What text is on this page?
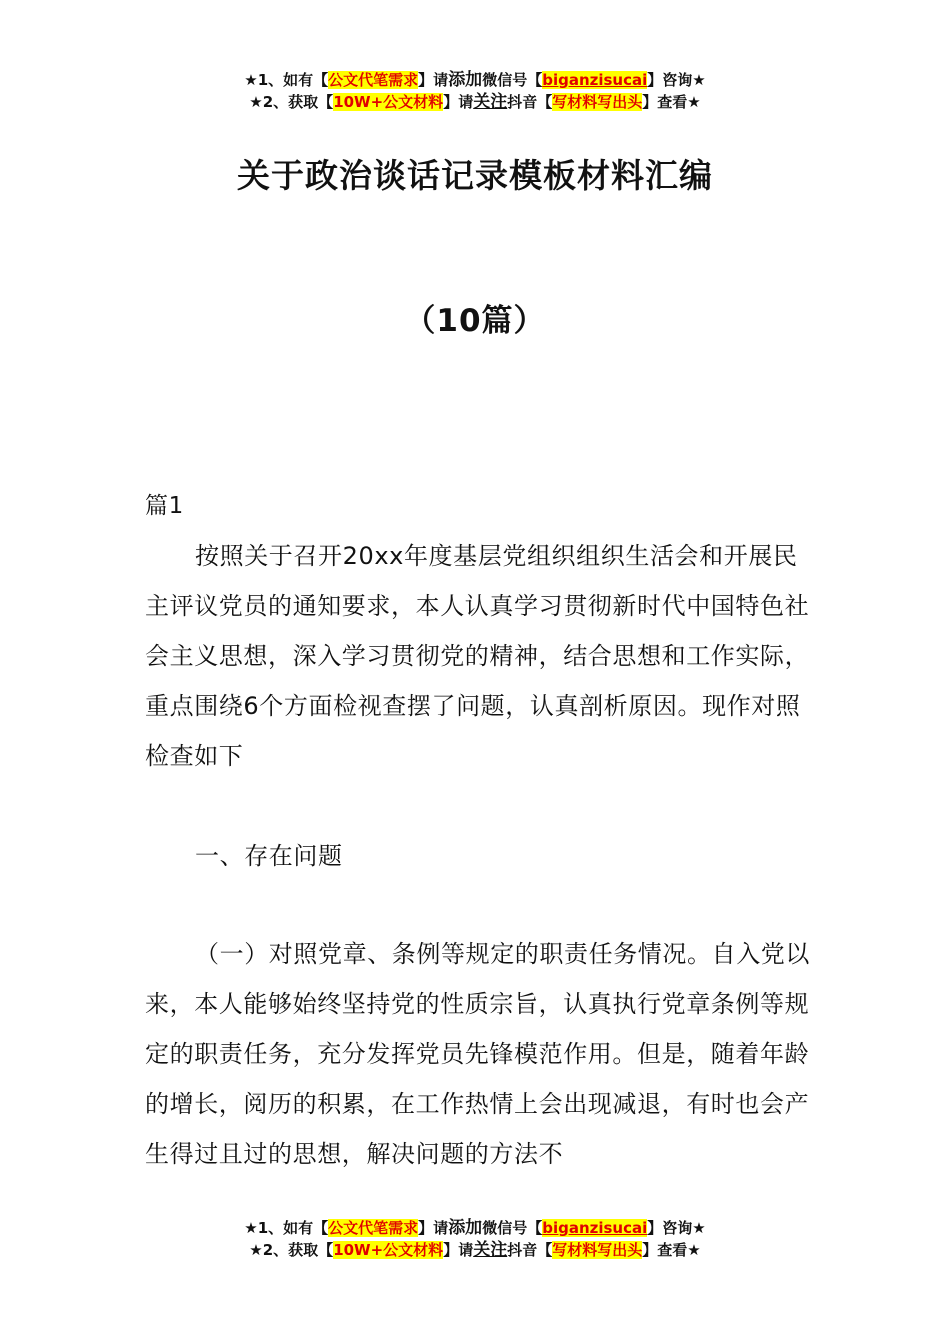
★1、如有【公文代笔需求】请添加微信号【biganzisucai】咨询★
★2、获取【10W+公文材料】请关注抖音【写材料写出头】查看★
关于政治谈话记录模板材料汇编
（10篇）
篇1
按照关于召开20xx年度基层党组织组织生活会和开展民主评议党员的通知要求，本人认真学习贯彻新时代中国特色社会主义思想，深入学习贯彻党的精神，结合思想和工作实际，重点围绕6个方面检视查摆了问题，认真剖析原因。现作对照检查如下
一、存在问题
（一）对照党章、条例等规定的职责任务情况。自入党以来，本人能够始终坚持党的性质宗旨，认真执行党章条例等规定的职责任务，充分发挥党员先锋模范作用。但是，随着年龄的增长，阅历的积累，在工作热情上会出现减退，有时也会产生得过且过的思想，解决问题的方法不
★1、如有【公文代笔需求】请添加微信号【biganzisucai】咨询★
★2、获取【10W+公文材料】请关注抖音【写材料写出头】查看★
